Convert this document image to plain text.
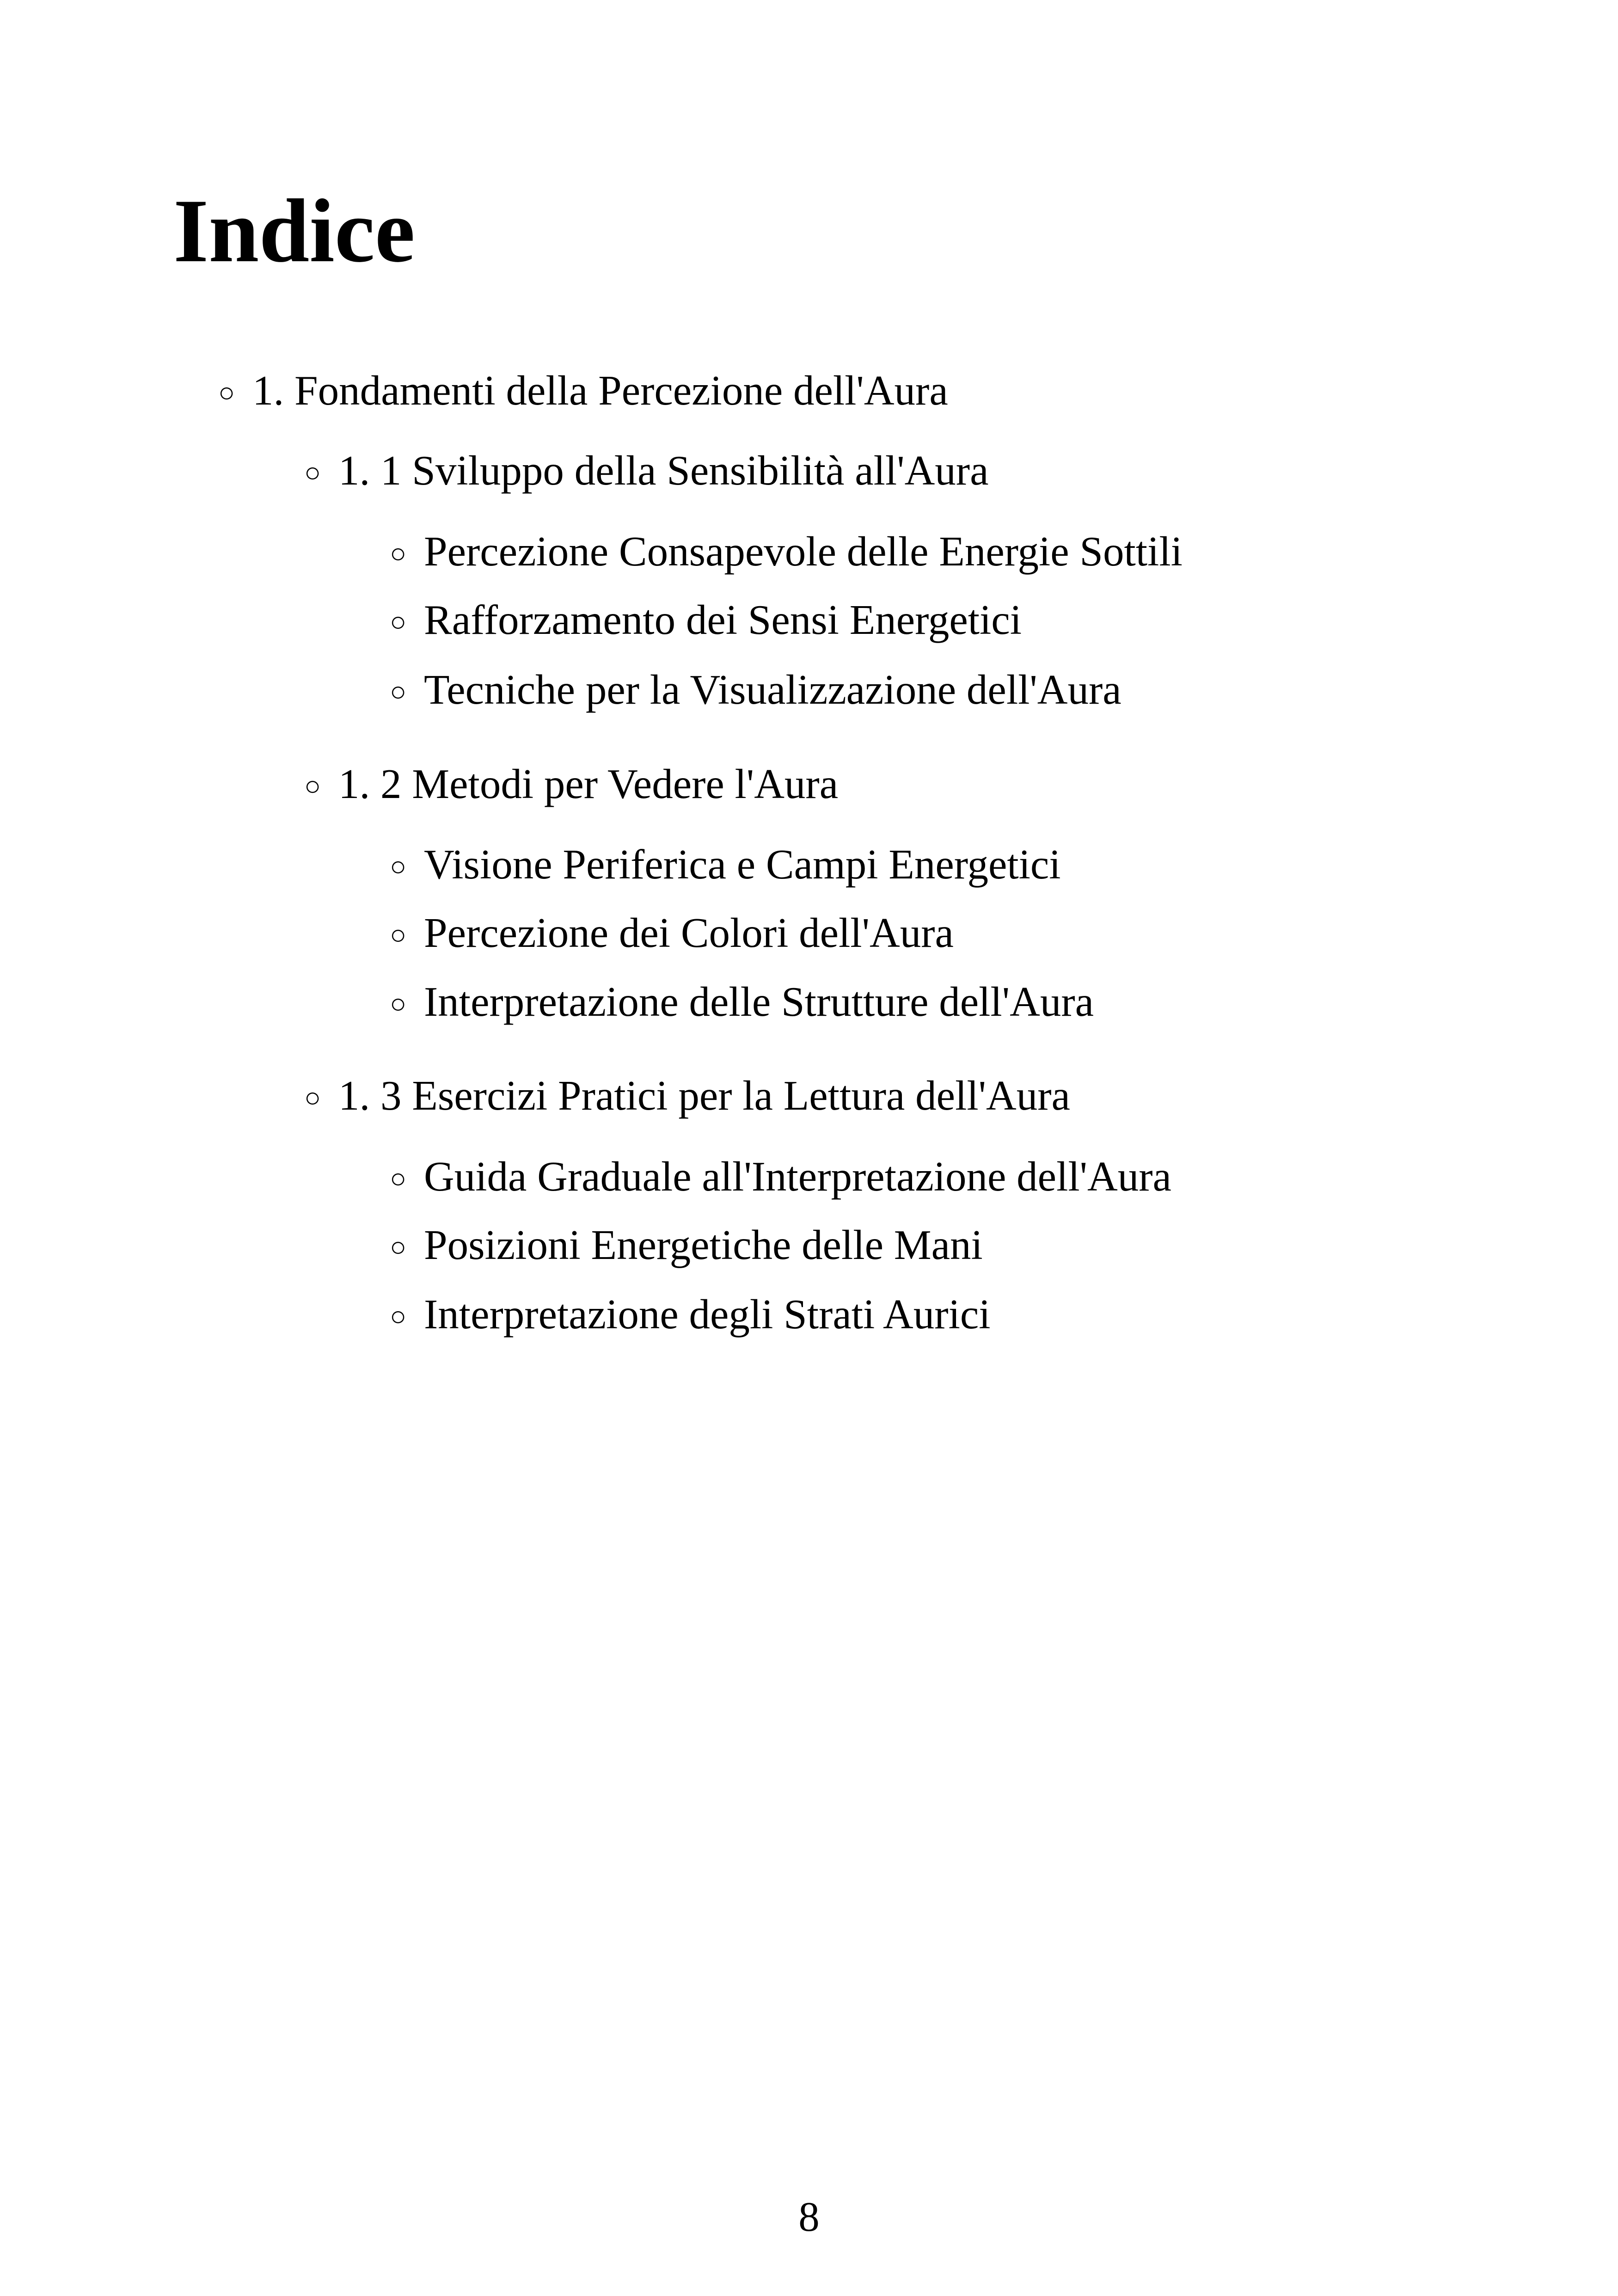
Indice
○ 1. Fondamenti della Percezione dell'Aura
○ 1. 1 Sviluppo della Sensibilità all'Aura
○ Percezione Consapevole delle Energie Sottili
○ Rafforzamento dei Sensi Energetici
○ Tecniche per la Visualizzazione dell'Aura
○ 1. 2 Metodi per Vedere l'Aura
○ Visione Periferica e Campi Energetici
○ Percezione dei Colori dell'Aura
○ Interpretazione delle Strutture dell'Aura
○ 1. 3 Esercizi Pratici per la Lettura dell'Aura
○ Guida Graduale all'Interpretazione dell'Aura
○ Posizioni Energetiche delle Mani
○ Interpretazione degli Strati Aurici
8
